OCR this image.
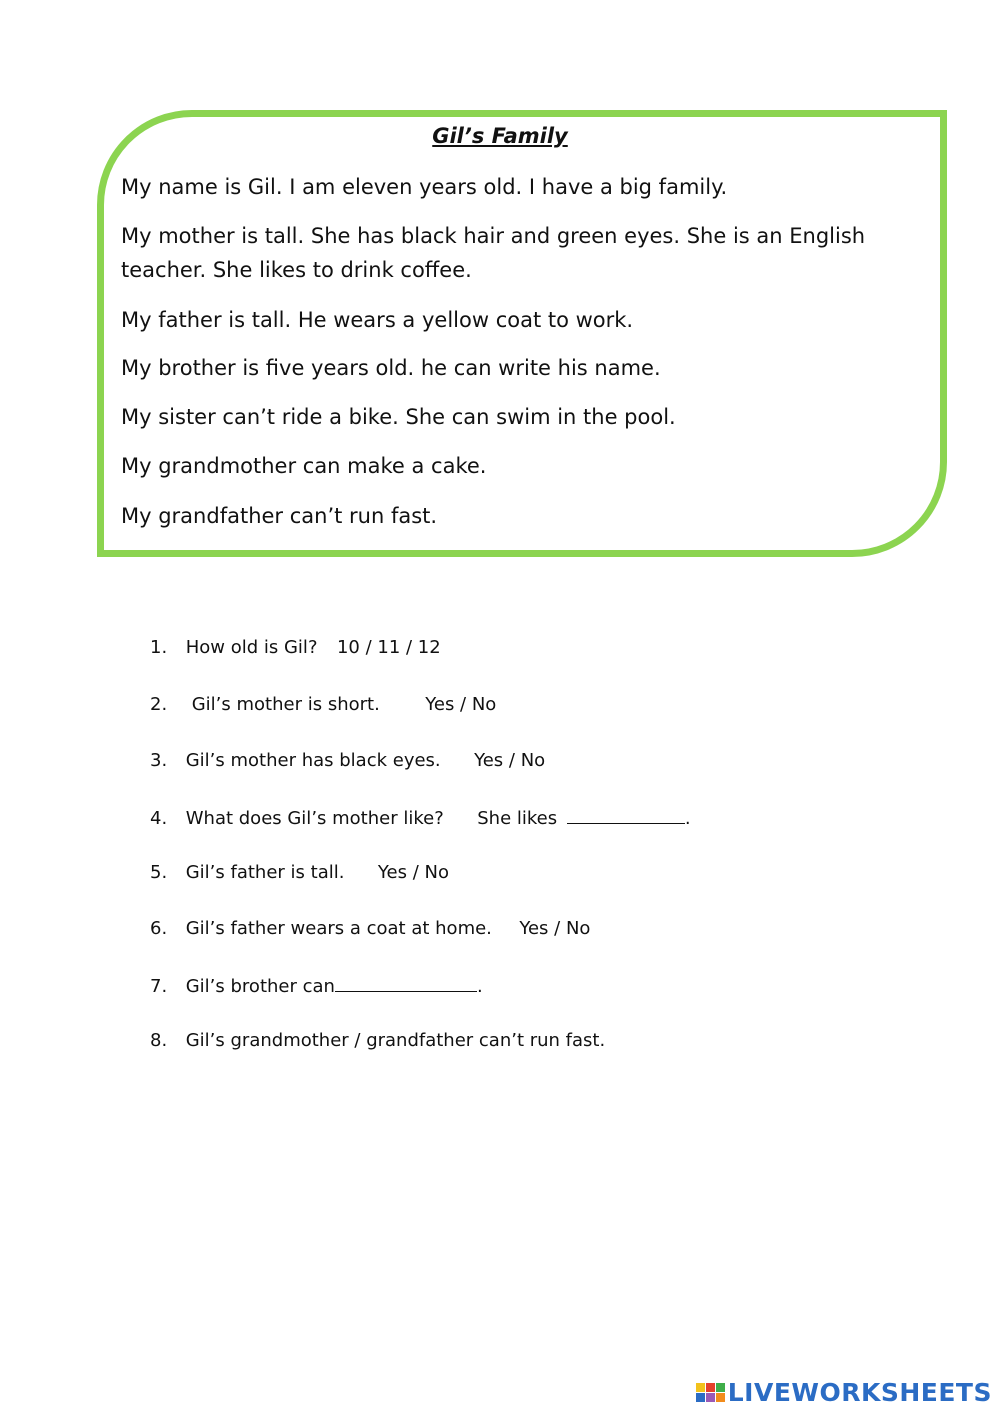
Gil’s Family
My name is Gil. I am eleven years old. I have a big family.
My mother is tall. She has black hair and green eyes. She is an English
teacher. She likes to drink coffee.
My father is tall. He wears a yellow coat to work.
My brother is five years old. he can write his name.
My sister can’t ride a bike. She can swim in the pool.
My grandmother can make a cake.
My grandfather can’t run fast.
1. How old is Gil? 10 / 11 / 12
2. Gil’s mother is short.	Yes / No
3. Gil’s mother has black eyes. Yes / No
4. What does Gil’s mother like? She likes	.
5. Gil’s father is tall. Yes / No
6. Gil’s father wears a coat at home. Yes / No
7. Gil’s brother can	.
8. Gil’s grandmother / grandfather can’t run fast.
LIVEWORKSHEETS
